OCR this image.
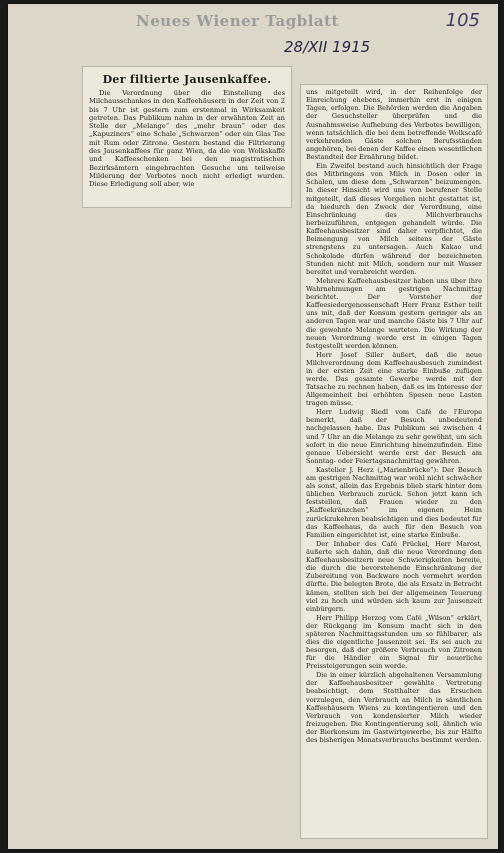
Neues Wiener Tagblatt	105
28/XII 1915
Der filtierte Jausenkaffee.

Die Verordnung über die Einstellung des Milchausschankes in den Kaffeehäusern in der Zeit von 2 bis 7 Uhr ist gestern zum erstenmal in Wirksamkeit getreten. Das Publikum nahm in der erwähnten Zeit an Stelle der „Melange“ des „mehr braun“ oder des „Kapuziners“ eine Schale „Schwarzen“ oder ein Glas Tee mit Rum oder Zitrone. Gestern bestand die Filtrierung des Jausenkaffees für ganz Wien, da die von Wolkskaffé und Kaffeeschenken bei den magistratischen Bezirksämtern eingebrachten Gesuche um teilweise Milderung der Verbotes noch nicht erledigt wurden. Diese Erledigung soll aber, wie

uns mitgeteilt wird, in der Reihenfolge der Einreichung ehebens, immerhin erst in einigen Tagen, erfolgen. Die Behörden werden die Angaben der Gesuchsteller überprüfen und die Ausnahmsweise Aufhebung des Verbotes bewilligen, wenn tatsächlich die bei dem betreffende Wolkscafé verkehrenden Gäste solchen Berufsständen angehören, bei denen der Kaffee einen wesentlichen Bestandteil der Ernährung bildet.

Ein Zweifel bestand auch hinsichtlich der Frage des Mitbringens von Milch in Dosen oder in Schalen, um diese dem „Schwarzen“ beizumengen. In dieser Hinsicht wird uns von berufener Stelle mitgeteilt, daß dieses Vorgehen nicht gestattet ist, da hiedurch den Zweck der Verordnung, eine Einschränkung des Milchverbrauchs herbeizuführen, entgegen gehandelt würde. Die Kaffeehausbesitzer sind daher verpflichtet, die Beimengung von Milch seitens der Gäste strengstens zu untersagen. Auch Kakao und Schokolade dürfen während der bezeichneten Stunden nicht mit Milch, sondern nur mit Wasser bereitet und verabreicht werden.

Mehrere Kaffeehausbesitzer haben uns über ihre Wahrnehmungen am gestrigen Nachmittag berichtet. Der Vorsteher der Kaffeesiedergenossenschaft Herr Franz Esther teilt uns mit, daß der Konsum gestern geringer als an anderen Tagen war und manche Gäste bis 7 Uhr auf die gewohnte Melange warteten. Die Wirkung der neuen Verordnung werde erst in einigen Tagen festgestellt werden können.

Herr Josef Siller äußert, daß die neue Milchverordnung dem Kaffeehausbesuch zumindest in der ersten Zeit eine starke Einbuße zufügen werde. Das gesamte Gewerbe werde mit der Tatsache zu rechnen haben, daß es im Interesse der Allgemeinheit bei erhöhten Spesen neue Lasten tragen müsse.

Herr Ludwig Riedl vom Café de l'Europe bemerkt, daß der Besuch unbedeutend nachgelassen habe. Das Publikum sei zwischen 4 und 7 Uhr an die Melange zu sehr gewöhnt, um sich sofort in die neue Einrichtung hineinzufinden. Eine genaue Uebersicht werde erst der Besuch am Sonntag- oder Feiertagsnachmittag gewähren.

Kastelier J. Herz („Marienbrücke“): Der Besuch am gestrigen Nachmittag war wohl nicht schwächer als sonst, allein das Ergebnis blieb stark hinter dem üblichen Verbrauch zurück. Schon jetzt kann ich feststellen, daß Frauen wieder zu den „Kaffeekränzchen“ im eigenen Heim zurückzukehren beabsichtigen und dies bedeutet für das Kaffeehaus, da auch für den Besuch von Familien eingerichtet ist, eine starke Einbuße.

Der Inhaber des Café Prückel, Herr Marost, äußerte sich dahin, daß die neue Verordnung den Kaffeehausbesitzern neue Schwierigkeiten bereite, die durch die bevorstehende Einschränkung der Zubereitung von Backware noch vermehrt werden dürfte. Die belegten Brote, die als Ersatz in Betracht kämen, stellten sich bei der allgemeinen Teuerung viel zu hoch und würden sich kaum zur Jausenzeit einbürgern.

Herr Philipp Herzog vom Café „Wilson“ erklärt, der Rückgang im Konsum macht sich in den späteren Nachmittagsstunden um so fühlbarer, als dies die eigentliche Jausenzeit sei. Es sei auch zu besorgen, daß der größere Verbrauch von Zitronen für die Händler ein Signal für neuerliche Preissteigerungen sein werde.

Die in einer kürzlich abgehaltenen Versammlung der Kaffeehausbesitzer gewählte Vertretung beabsichtigt, dem Statthalter das Ersuchen vorzulegen, den Verbrauch an Milch in sämtlichen Kaffeehäusern Wiens zu kontingentieren und den Verbrauch von kondensierter Milch wieder freizugeben. Die Kontingentierung soll, ähnlich wie der Bierkonsum im Gastwirtgewerbe, bis zur Hälfte des bisherigen Monatsverbrauchs bestimmt werden.
